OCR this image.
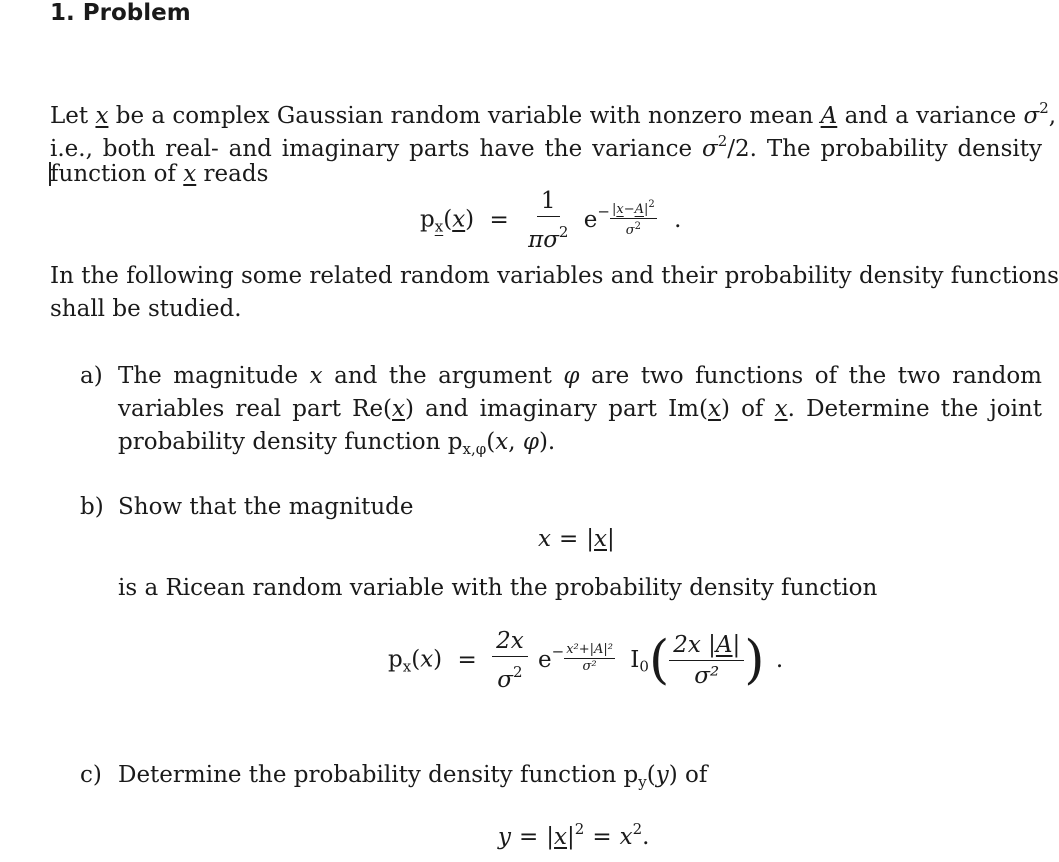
1. Problem
Let x be a complex Gaussian random variable with nonzero mean A and a variance $\sigma^2$,
i.e., both real- and imaginary parts have the variance $\sigma^2/2$. The probability density
function of x reads
$p_x(x) = \frac{1}{\pi\sigma^2} e^- \frac{|x-A|^2}{\sigma^2}$ .
In the following some related random variables and their probability density functions
shall be studied.
a) The magnitude x and the argument φ are two functions of the two random
variables real part Re(x) and imaginary part Im(x) of x. Determine the joint
probability density function $p_{x,\varphi}(x$, φ).
b) Show that the magnitude
x = |x|
is a Ricean random variable with the probability density function
$p_x(x) = \frac{2x}{\sigma^2} e^- \frac{\text{x²+|A|²}}{\text{σ²}} I_0( \frac{2x |A|}{\text{σ²}}$ ) .
c) Determine the probability density function $p_y(y)$ of
$y = |x|^2 = x^2$.
